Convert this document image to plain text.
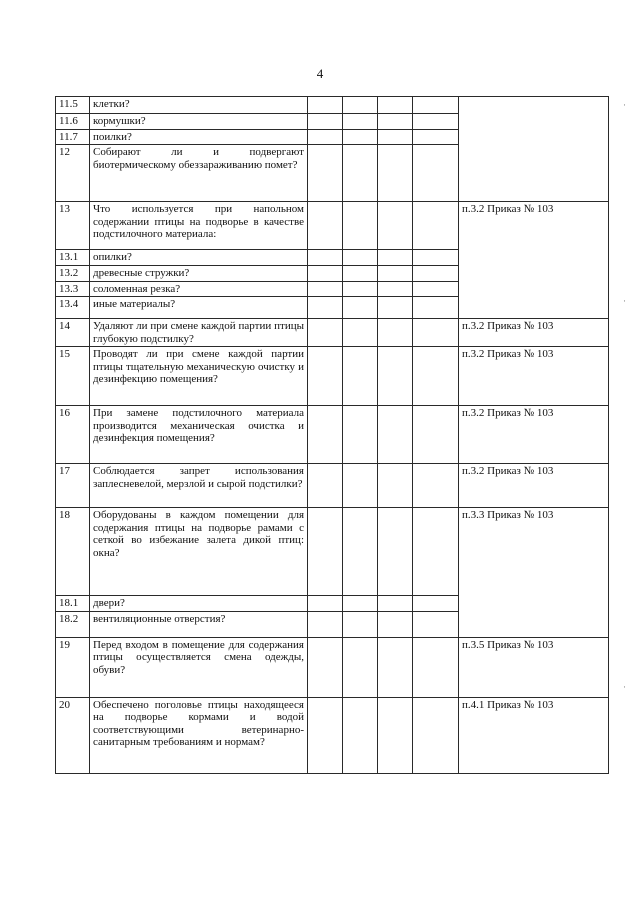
4
11.5	клетки?					
11.6	кормушки?					
11.7	поилки?					
12	Собирают ли и подвергают биотермическому обеззараживанию помет?					
13	Что используется при напольном содержании птицы на подворье в качестве подстилочного материала:					п.3.2 Приказ № 103
13.1	опилки?					
13.2	древесные стружки?					
13.3	соломенная резка?					
13.4	иные материалы?					
14	Удаляют ли при смене каждой партии птицы глубокую подстилку?					п.3.2 Приказ № 103
15	Проводят ли при смене каждой партии птицы тщательную механическую очистку и дезинфекцию помещения?					п.3.2 Приказ № 103
16	При замене подстилочного материала производится механическая очистка и дезинфекция помещения?					п.3.2 Приказ № 103
17	Соблюдается запрет использования заплесневелой, мерзлой и сырой подстилки?					п.3.2 Приказ № 103
18	Оборудованы в каждом помещении для содержания птицы на подворье рамами с сеткой во избежание залета дикой птиц: окна?					п.3.3 Приказ № 103
18.1	двери?					
18.2	вентиляционные отверстия?					
19	Перед входом в помещение для содержания птицы осуществляется смена одежды, обуви?					п.3.5 Приказ № 103
20	Обеспечено поголовье птицы находящееся на подворье кормами и водой соответствующими ветеринарно-санитарным требованиям и нормам?					п.4.1 Приказ № 103
·
·
·
